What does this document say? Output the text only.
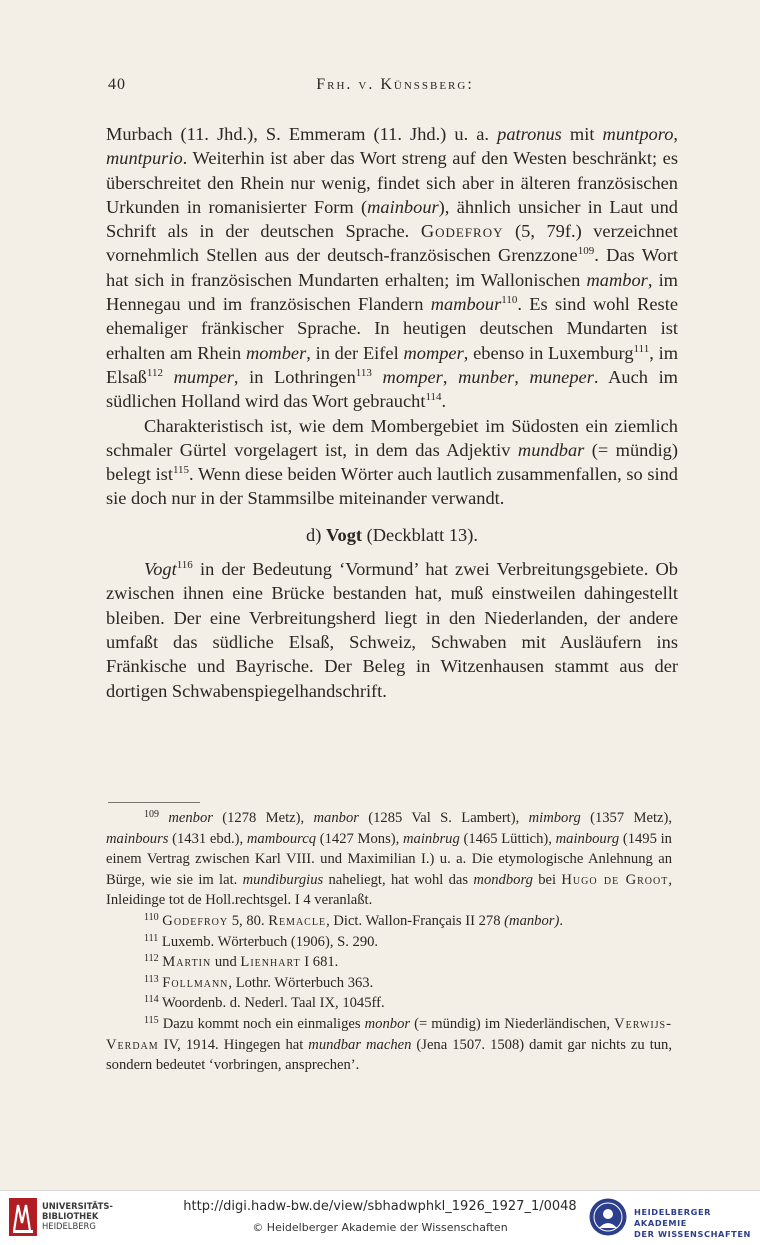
40	Frh. v. Künssberg:

Murbach (11. Jhd.), S. Emmeram (11. Jhd.) u. a. patronus mit muntporo, muntpurio. Weiterhin ist aber das Wort streng auf den Westen beschränkt; es überschreitet den Rhein nur wenig, findet sich aber in älteren französischen Urkunden in romanisierter Form (mainbour), ähnlich unsicher in Laut und Schrift als in der deutschen Sprache. Godefroy (5, 79f.) verzeichnet vornehmlich Stellen aus der deutsch-französischen Grenzzone$^{109}$. Das Wort hat sich in französischen Mundarten erhalten; im Wallonischen mambor, im Hennegau und im französischen Flandern mambour$^{110}$. Es sind wohl Reste ehemaliger fränkischer Sprache. In heutigen deutschen Mundarten ist erhalten am Rhein momber, in der Eifel momper, ebenso in Luxemburg$^{111}$, im Elsaß$^{112}$ mumper, in Lothringen$^{113}$ momper, munber, muneper. Auch im südlichen Holland wird das Wort gebraucht$^{114}$.

Charakteristisch ist, wie dem Mombergebiet im Südosten ein ziemlich schmaler Gürtel vorgelagert ist, in dem das Adjektiv mundbar (= mündig) belegt ist$^{115}$. Wenn diese beiden Wörter auch lautlich zusammenfallen, so sind sie doch nur in der Stammsilbe miteinander verwandt.

d) Vogt (Deckblatt 13).

Vogt$^{116}$ in der Bedeutung ‘Vormund’ hat zwei Verbreitungsgebiete. Ob zwischen ihnen eine Brücke bestanden hat, muß einstweilen dahingestellt bleiben. Der eine Verbreitungsherd liegt in den Niederlanden, der andere umfaßt das südliche Elsaß, Schweiz, Schwaben mit Ausläufern ins Fränkische und Bayrische. Der Beleg in Witzenhausen stammt aus der dortigen Schwabenspiegelhandschrift.

$^{109}$ menbor (1278 Metz), manbor (1285 Val S. Lambert), mimborg (1357 Metz), mainbours (1431 ebd.), mambourcq (1427 Mons), mainbrug (1465 Lüttich), mainbourg (1495 in einem Vertrag zwischen Karl VIII. und Maximilian I.) u. a. Die etymologische Anlehnung an Bürge, wie sie im lat. mundiburgius naheliegt, hat wohl das mondborg bei Hugo de Groot, Inleidinge tot de Holl.rechtsgel. I 4 veranlaßt.

$^{110}$ Godefroy 5, 80. Remacle, Dict. Wallon-Français II 278 (manbor).

$^{111}$ Luxemb. Wörterbuch (1906), S. 290.

$^{112}$ Martin und Lienhart I 681.

$^{113}$ Follmann, Lothr. Wörterbuch 363.

$^{114}$ Woordenb. d. Nederl. Taal IX, 1045ff.

$^{115}$ Dazu kommt noch ein einmaliges monbor (= mündig) im Niederländischen, Verwijs-Verdam IV, 1914. Hingegen hat mundbar machen (Jena 1507. 1508) damit gar nichts zu tun, sondern bedeutet ‘vorbringen, ansprechen’.

UNIVERSITÄTS-
BIBLIOTHEK
HEIDELBERG
http://digi.hadw-bw.de/view/sbhadwphkl_1926_1927_1/0048
© Heidelberger Akademie der Wissenschaften
HEIDELBERGER AKADEMIE
DER WISSENSCHAFTEN
